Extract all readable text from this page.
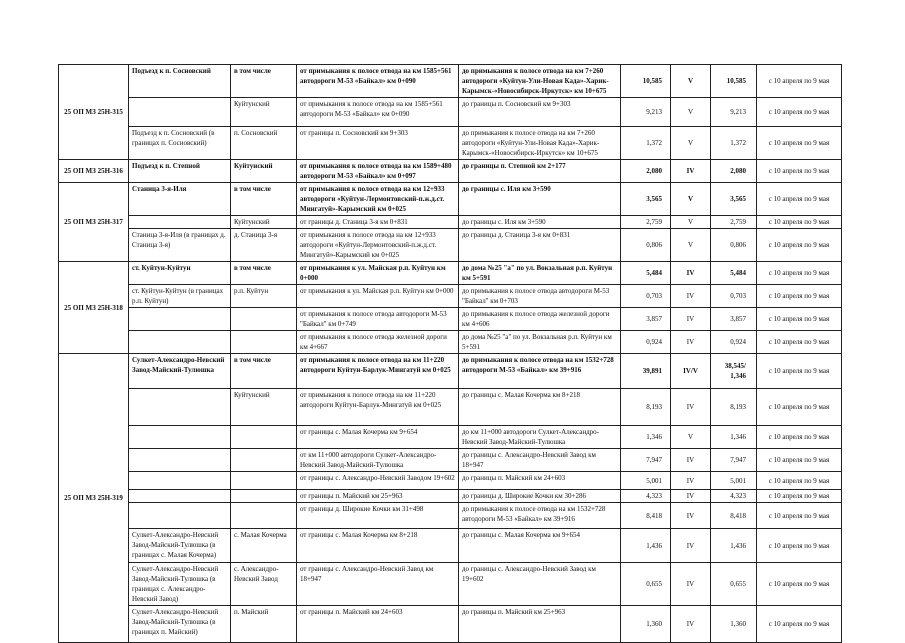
25 ОП МЗ 25Н-315	Подъезд к п. Сосновский	в том числе	от примыкания к полосе отвода на км 1585+561 автодороги М-53 «Байкал» км 0+090	до примыкания к полосе отвода на км 7+260 автодороги «Куйтун-Ули-Новая Када»-Харик-Карымск-«Новосибирск-Иркутск» км 10+675	10,585	V	10,585	с 10 апреля по 9 мая
		Куйтунский	от примыкания к полосе отвода на км 1585+561 автодороги М-53 «Байкал» км 0+090	до границы п. Сосновский км 9+303	9,213	V	9,213	с 10 апреля по 9 мая
	Подъезд к п. Сосновский (в границах п. Сосновский)	п. Сосновский	от границы п. Сосновский км 9+303	до примыкания к полосе отвода на км 7+260 автодороги «Куйтун-Ули-Новая Када»-Харик-Карымск-«Новосибирск-Иркутск» км 10+675	1,372	V	1,372	с 10 апреля по 9 мая
25 ОП МЗ 25Н-316	Подъезд к п. Степной	Куйтунский	от примыкания к полосе отвода на км 1589+480 автодороги М-53 «Байкал» км 0+097	до границы п. Степной км 2+177	2,080	IV	2,080	с 10 апреля по 9 мая
25 ОП МЗ 25Н-317	Станица 3-я-Иля	в том числе	от примыкания к полосе отвода на км 12+933 автодороги «Куйтун-Лермонтовский-п.ж.д.ст. Мингатуй»-Карымский км 0+025	до границы с. Иля км 3+590	3,565	V	3,565	с 10 апреля по 9 мая
		Куйтунский	от границы д. Станица 3-я км 0+831	до границы с. Иля км 3+590	2,759	V	2,759	с 10 апреля по 9 мая
	Станица 3-я-Иля (в границах д. Станица 3-я)	д. Станица 3-я	от примыкания к полосе отвода на км 12+933 автодороги «Куйтун-Лермонтовский-п.ж.д.ст. Мингатуй»-Карымский км 0+025	до границы д. Станица 3-я км 0+831	0,806	V	0,806	с 10 апреля по 9 мая
25 ОП МЗ 25Н-318	ст. Куйтун-Куйтун	в том числе	от примыкания к ул. Майская р.п. Куйтун км 0+000	до дома №25 "а" по ул. Вокзальная р.п. Куйтун км 5+591	5,484	IV	5,484	с 10 апреля по 9 мая
	ст. Куйтун-Куйтун (в границах р.п. Куйтун)	р.п. Куйтун	от примыкания к ул. Майская р.п. Куйтун км 0+000	до примыкания к полосе отвода автодороги М-53 "Байкал" км 0+703	0,703	IV	0,703	с 10 апреля по 9 мая
			от примыкания к полосе отвода автодороги М-53 "Байкал" км 0+749	до примыкания к полосе отвода железной дороги км 4+606	3,857	IV	3,857	с 10 апреля по 9 мая
			от примыкания к полосе отвода железной дороги км 4+667	до дома №25 "а" по ул. Вокзальная р.п. Куйтун км 5+591	0,924	IV	0,924	с 10 апреля по 9 мая
25 ОП МЗ 25Н-319	Сулкет-Александро-Невский Завод-Майский-Тулюшка	в том числе	от примыкания к полосе отвода на км 11+220 автодороги Куйтун-Барлук-Мингатуй км 0+025	до примыкания к полосе отвода на км 1532+728 автодороги М-53 «Байкал» км 39+916	39,891	IV/V	38,545/ 1,346	с 10 апреля по 9 мая
		Куйтунский	от примыкания к полосе отвода на км 11+220 автодороги Куйтун-Барлук-Мингатуй км 0+025	до границы с. Малая Кочерма км 8+218	8,193	IV	8,193	с 10 апреля по 9 мая
			от границы с. Малая Кочерма км 9+654	до км 11+000 автодороги Сулкет-Александро-Невский Завод-Майский-Тулюшка	1,346	V	1,346	с 10 апреля по 9 мая
			от км 11+000 автодороги Сулкет-Александро-Невский Завод-Майский-Тулюшка	до границы с. Александро-Невский Завод км 18+947	7,947	IV	7,947	с 10 апреля по 9 мая
			от границы с. Александро-Невский Заводом 19+602	до границы п. Майский км 24+603	5,001	IV	5,001	с 10 апреля по 9 мая
			от границы п. Майский км 25+963	до границы д. Широкие Кочки км 30+286	4,323	IV	4,323	с 10 апреля по 9 мая
			от границы д. Широкие Кочки км 31+498	до примыкания к полосе отвода на км 1532+728 автодороги М-53 «Байкал» км 39+916	8,418	IV	8,418	с 10 апреля по 9 мая
	Сулкет-Александро-Невский Завод-Майский-Тулюшка (в границах с. Малая Кочерма)	с. Малая Кочерма	от границы с. Малая Кочерма км 8+218	до границы с. Малая Кочерма км 9+654	1,436	IV	1,436	с 10 апреля по 9 мая
	Сулкет-Александро-Невский Завод-Майский-Тулюшка (в границах с. Александро-Невский Завод)	с. Александро-Невский Завод	от границы с. Александро-Невский Завод км 18+947	до границы с. Александро-Невский Завод км 19+602	0,655	IV	0,655	с 10 апреля по 9 мая
	Сулкет-Александро-Невский Завод-Майский-Тулюшка (в границах п. Майский)	п. Майский	от границы п. Майский км 24+603	до границы п. Майский км 25+963	1,360	IV	1,360	с 10 апреля по 9 мая
